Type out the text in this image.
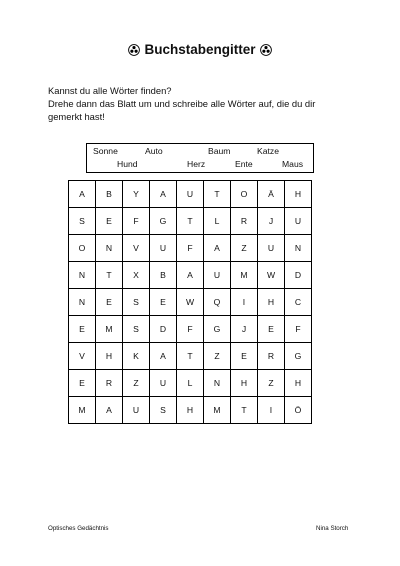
Buchstabengitter

Kannst du alle Wörter finden?

Drehe dann das Blatt um und schreibe alle Wörter auf, die du dir

gemerkt hast!

Sonne	Auto	Baum	Katze
Hund	Herz	Ente	Maus
A	B	Y	A	U	T	O	Ä	H
S	E	F	G	T	L	R	J	U
O	N	V	U	F	A	Z	U	N
N	T	X	B	A	U	M	W	D
N	E	S	E	W	Q	I	H	C
E	M	S	D	F	G	J	E	F
V	H	K	A	T	Z	E	R	G
E	R	Z	U	L	N	H	Z	H
M	A	U	S	H	M	T	I	Ö
Optisches Gedächtnis	Nina Storch
